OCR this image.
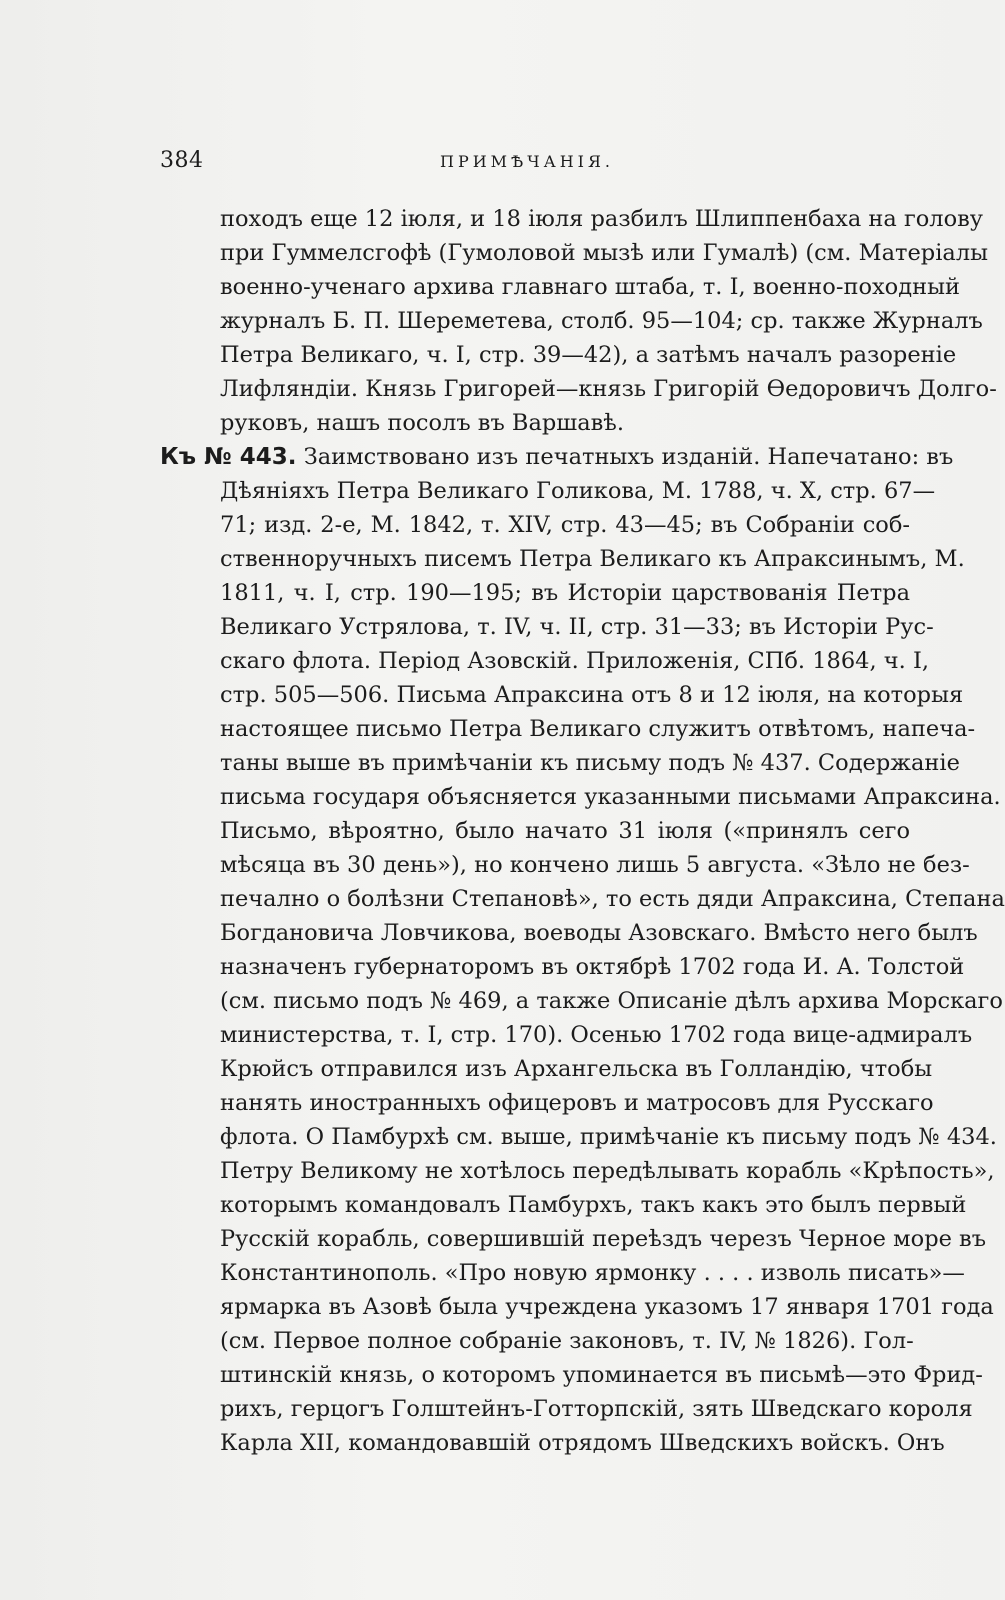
384	ПРИМѢЧАНІЯ.
походъ еще 12 іюля, и 18 іюля разбилъ Шлиппенбаха на голову
при Гуммелсгофѣ (Гумоловой мызѣ или Гумалѣ) (см. Матеріалы
военно-ученаго архива главнаго штаба, т. I, военно-походный
журналъ Б. П. Шереметева, столб. 95—104; ср. также Журналъ
Петра Великаго, ч. I, стр. 39—42), а затѣмъ началъ разореніе
Лифляндіи. Князь Григорей—князь Григорій Ѳедоровичъ Долго-
руковъ, нашъ посолъ въ Варшавѣ.
Къ № 443. Заимствовано изъ печатныхъ изданій. Напечатано: въ
Дѣяніяхъ Петра Великаго Голикова, М. 1788, ч. X, стр. 67—
71; изд. 2-е, М. 1842, т. XIV, стр. 43—45; въ Собраніи соб-
ственноручныхъ писемъ Петра Великаго къ Апраксинымъ, М.
1811, ч. I, стр. 190—195; въ Исторіи царствованія Петра
Великаго Устрялова, т. IV, ч. II, стр. 31—33; въ Исторіи Рус-
скаго флота. Період Азовскій. Приложенія, СПб. 1864, ч. I,
стр. 505—506. Письма Апраксина отъ 8 и 12 іюля, на которыя
настоящее письмо Петра Великаго служитъ отвѣтомъ, напеча-
таны выше въ примѣчаніи къ письму подъ № 437. Содержаніе
письма государя объясняется указанными письмами Апраксина.
Письмо, вѣроятно, было начато 31 іюля («принялъ сего
мѣсяца въ 30 день»), но кончено лишь 5 августа. «Зѣло не без-
печално о болѣзни Степановѣ», то есть дяди Апраксина, Степана
Богдановича Ловчикова, воеводы Азовскаго. Вмѣсто него былъ
назначенъ губернаторомъ въ октябрѣ 1702 года И. А. Толстой
(см. письмо подъ № 469, а также Описаніе дѣлъ архива Морскаго
министерства, т. I, стр. 170). Осенью 1702 года вице-адмиралъ
Крюйсъ отправился изъ Архангельска въ Голландію, чтобы
нанять иностранныхъ офицеровъ и матросовъ для Русскаго
флота. О Памбурхѣ см. выше, примѣчаніе къ письму подъ № 434.
Петру Великому не хотѣлось передѣлывать корабль «Крѣпость»,
которымъ командовалъ Памбурхъ, такъ какъ это былъ первый
Русскій корабль, совершившій переѣздъ черезъ Черное море въ
Константинополь. «Про новую ярмонку . . . . изволь писать»—
ярмарка въ Азовѣ была учреждена указомъ 17 января 1701 года
(см. Первое полное собраніе законовъ, т. IV, № 1826). Гол-
штинскій князь, о которомъ упоминается въ письмѣ—это Фрид-
рихъ, герцогъ Голштейнъ-Готторпскій, зять Шведскаго короля
Карла XII, командовавшій отрядомъ Шведскихъ войскъ. Онъ
